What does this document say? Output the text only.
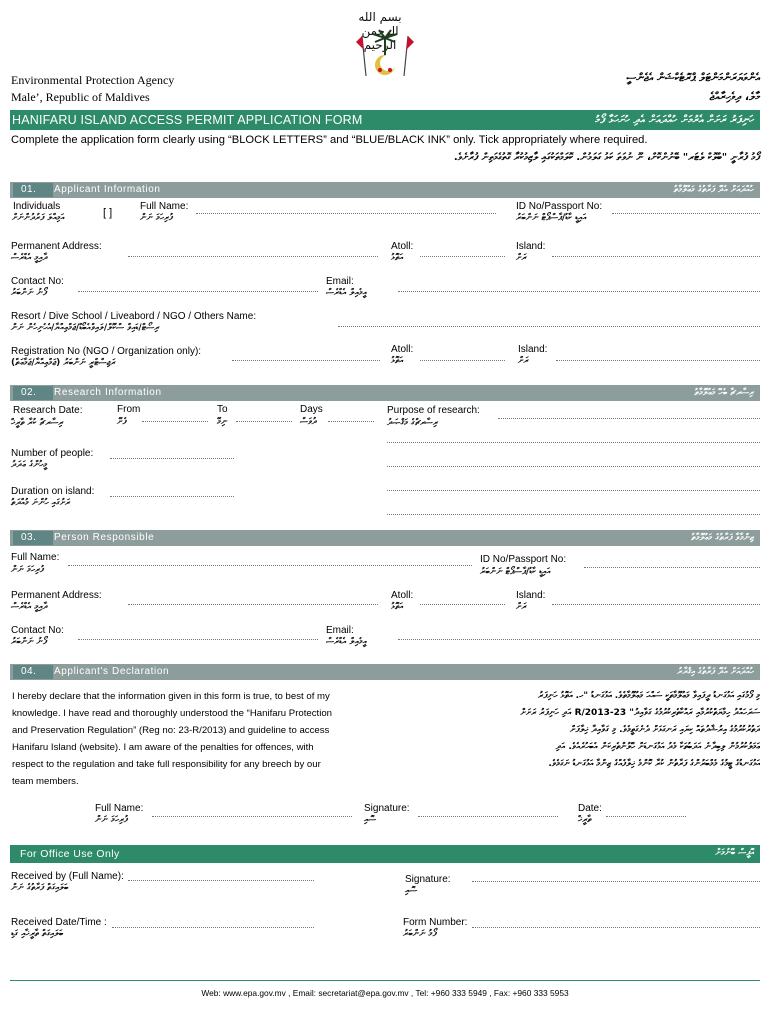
بسم الله الرحمن الرحيم
Environmental Protection Agency
Male’, Republic of Maldives
އެންވަޔަރަންމަންޓަލް ޕްރޮޓެކްޝަން އެޖެންސީ
މާލެ، ދިވެހިރާއްޖެ
HANIFARU ISLAND ACCESS PERMIT APPLICATION FORM	ހަނިފަރު ރަށަށް އެރުމަށް ހުއްދައަށް އެދި ހުށަހަޅާ ފޯމު
Complete the application form clearly using “BLOCK LETTERS” and “BLUE/BLACK INK” only. Tick appropriately where required.
ފޯމު ފުރާނީ "ބްލޮކް ލެޓަރ" ބޭނުންކޮށް، ނޫ ނުވަތަ ކަޅު ގަލަމުން. ކޮލަމްތަކުގައި ލާޒިމުކުރާ ގޮތުގެމަތިން ފުރާށެވެ.
01.	Applicant Information	ހުއްދައަށް އެދޭ ފަރާތުގެ މަޢުލޫމާތު
Individuals
އަމިއްލަ ފަރުދުންނަށް	[ ]
Full Name:
ފުރިހަމަ ނަން
ID No/Passport No:
އައިޑީ ކާޑު/ޕާސްޕޯޓް ނަންބަރު
Permanent Address:
ދާއިމީ އެޑްރެސް
Atoll:
އަތޮޅު
Island:
ރަށް
Contact No:
ފޯނު ނަންބަރު
Email:
އީމެއިލް އެޑްރެސް
Resort / Dive School / Liveabord / NGO / Others Name:
ރިސޯޓް/ޑައިވް ސްކޫލް/ލައިވްއެބޯޑް/ޖަމްޢިއްޔާ/އެހެނިހެން ނަން
Registration No (NGO / Organization only):
ރަޖިސްޓްރީ ނަންބަރު (ޖަމްޢިއްޔާ/ޖަމާޢަތް)
Atoll:
އަތޮޅު
Island:
ރަށް
02.	Research Information	ރިސާރޗާ ބެހޭ މަޢުލޫމާތު
Research Date:
ރިސާރޗް ކުރާ ތާރީޚް
From
ފެށޭ
To
ނިމޭ
Days
ދުވަސް
Purpose of research:
ރިސާރޗްގެ މަޤްޞަދު
Number of people:
މީހުންގެ ޢަދަދު
Duration on island:
ރަށުގައި ހުންނަ މުއްދަތު
03.	Person Responsible	ޒިންމާވާ ފަރާތުގެ މަޢުލޫމާތު
Full Name:
ފުރިހަމަ ނަން
ID No/Passport No:
އައިޑީ ކާޑު/ޕާސްޕޯޓް ނަންބަރު
Permanent Address:
ދާއިމީ އެޑްރެސް
Atoll:
އަތޮޅު
Island:
ރަށް
Contact No:
ފޯނު ނަންބަރު
Email:
އީމެއިލް އެޑްރެސް
04.	Applicant's Declaration	ހުއްދައަށް އެދޭ ފަރާތުގެ އިޤުރާރު
I hereby declare that the information given in this form is true, to best of my
knowledge. I have read and thoroughly understood the “Hanifaru Protection
and Preservation Regulation” (Reg no: 23-R/2013) and guideline to access
Hanifaru Island (website). I am aware of the penalties for offences, with
respect to the regulation and take full responsibility for any breech by our
team members.
މި ފޯމުގައި އަޅުގަނޑު ދީފައިވާ މަޢުލޫމާތަކީ ސައްޙަ މަޢުލޫމާތެވެ. އަޅުގަނޑު "ހ. އަތޮޅު ހަނިފަރު
ސަރަހައްދު ހިމާޔަތްކުރުމާއި ރައްކާތެރިކުރުމުގެ ގަވާއިދު" 23-R/2013 އަދި ހަނިފަރު ރަށަށް
ދަތުރުކުރުމުގެ އިރުޝާދުތައް ކިޔައި ރަނގަޅަށް ދެނެގަތީމެވެ. މި ގަވާއިދާ ޚިލާފަށް
ޢަމަލުކުރުމުން ލިބިދާނެ އަދަބުތަކާ މެދު އަޅުގަނޑަށް ހޭލުންތެރިކަން އެބަހުރެއެވެ. އަދި
އަޅުގަނޑުގެ ޓީމުގެ މެމްބަރުންގެ ފަރާތުން ކުރާ ކޮންމެ ޚިލާފެއްގެ ޒިންމާ އަޅުގަނޑު ނަގަމެވެ.
Full Name:
ފުރިހަމަ ނަން
Signature:
ސޮއި
Date:
ތާރީޚް
For Office Use Only	އޮފީސް ބޭނުމަށް
Received by (Full Name):
ބަލައިގަތް ފަރާތުގެ ނަން
Signature:
ސޮއި
Received Date/Time :
ބަލައިގަތް ތާރީޚާއި ގަޑި
Form Number:
ފޯމު ނަންބަރު
Web: www.epa.gov.mv , Email: secretariat@epa.gov.mv , Tel: +960 333 5949 , Fax: +960 333 5953
